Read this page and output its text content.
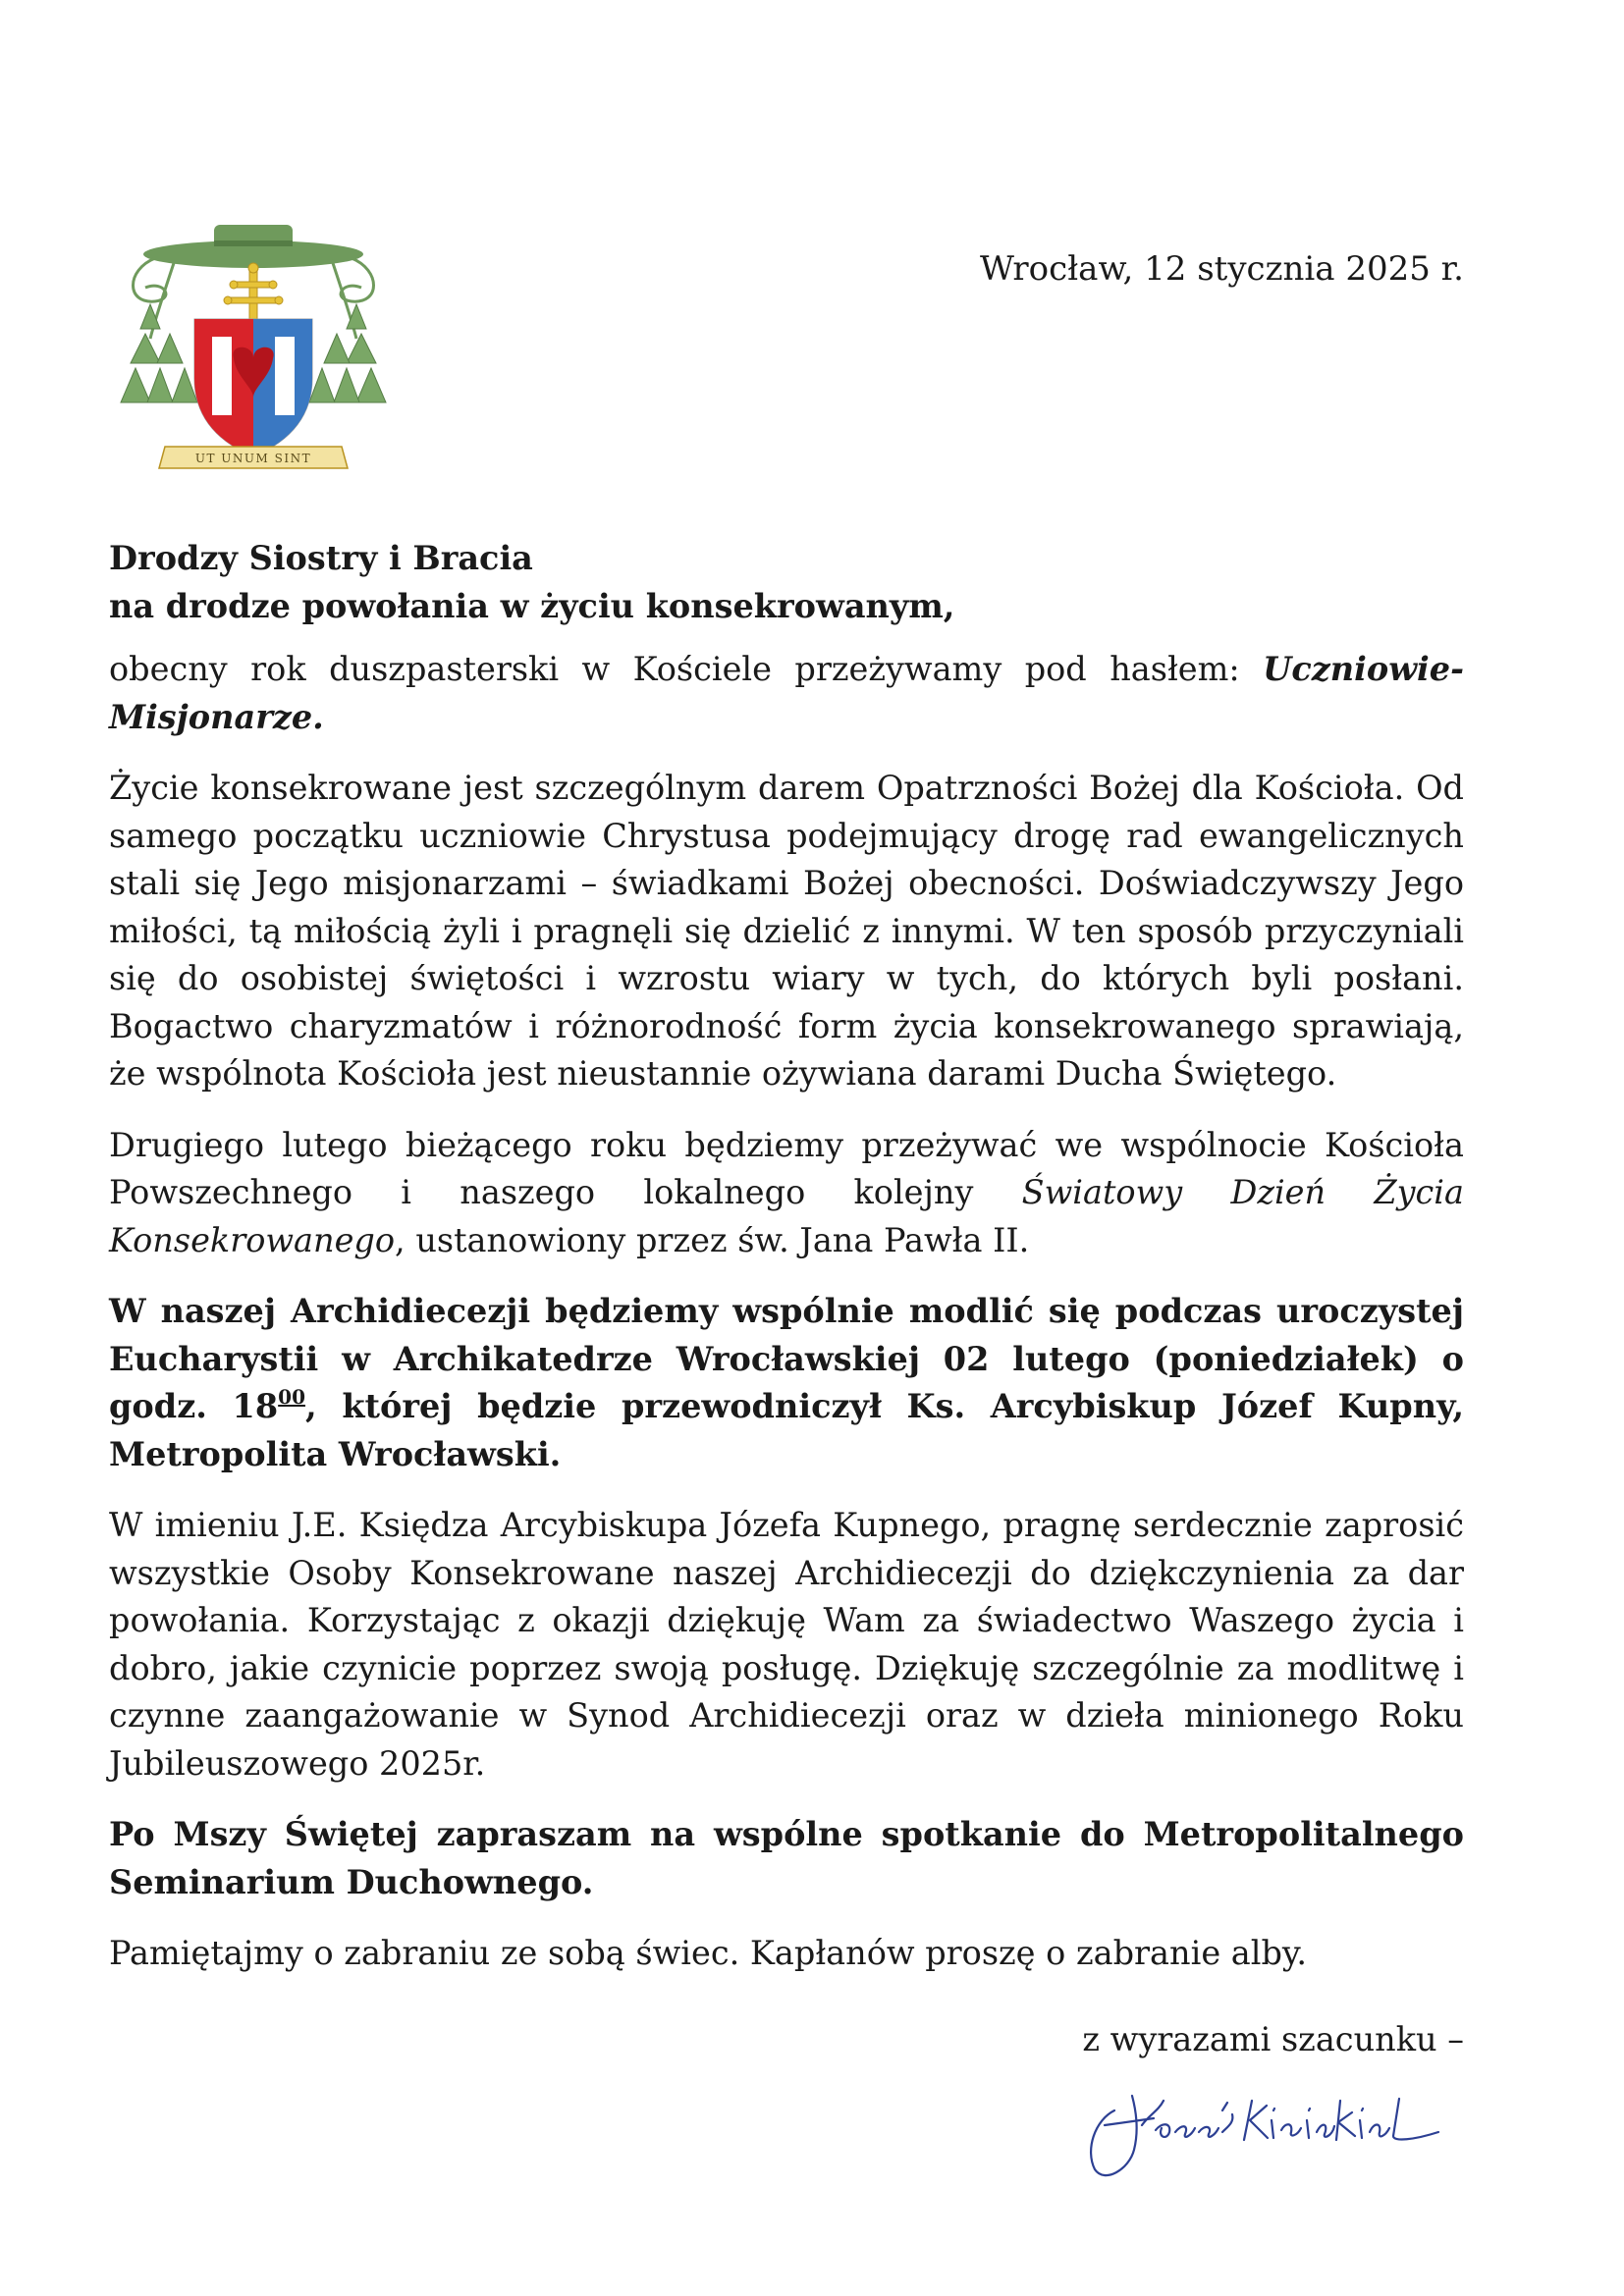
UT UNUM SINT
Wrocław, 12 stycznia 2025 r.
Drodzy Siostry i Bracia
na drodze powołania w życiu konsekrowanym,

obecny rok duszpasterski w Kościele przeżywamy pod hasłem: Uczniowie-Misjonarze.

Życie konsekrowane jest szczególnym darem Opatrzności Bożej dla Kościoła. Od samego początku uczniowie Chrystusa podejmujący drogę rad ewangelicznych stali się Jego misjonarzami – świadkami Bożej obecności. Doświadczywszy Jego miłości, tą miłością żyli i pragnęli się dzielić z innymi. W ten sposób przyczyniali się do osobistej świętości i wzrostu wiary w tych, do których byli posłani. Bogactwo charyzmatów i różnorodność form życia konsekrowanego sprawiają, że wspólnota Kościoła jest nieustannie ożywiana darami Ducha Świętego.

Drugiego lutego bieżącego roku będziemy przeżywać we wspólnocie Kościoła Powszechnego i naszego lokalnego kolejny Światowy Dzień Życia Konsekrowanego, ustanowiony przez św. Jana Pawła II.

W naszej Archidiecezji będziemy wspólnie modlić się podczas uroczystej Eucharystii w Archikatedrze Wrocławskiej 02 lutego (poniedziałek) o godz. $18^{00}$, której będzie przewodniczył Ks. Arcybiskup Józef Kupny, Metropolita Wrocławski.

W imieniu J.E. Księdza Arcybiskupa Józefa Kupnego, pragnę serdecznie zaprosić wszystkie Osoby Konsekrowane naszej Archidiecezji do dziękczynienia za dar powołania. Korzystając z okazji dziękuję Wam za świadectwo Waszego życia i dobro, jakie czynicie poprzez swoją posługę. Dziękuję szczególnie za modlitwę i czynne zaangażowanie w Synod Archidiecezji oraz w dzieła minionego Roku Jubileuszowego 2025r.

Po Mszy Świętej zapraszam na wspólne spotkanie do Metropolitalnego Seminarium Duchownego.

Pamiętajmy o zabraniu ze sobą świec. Kapłanów proszę o zabranie alby.

z wyrazami szacunku –
